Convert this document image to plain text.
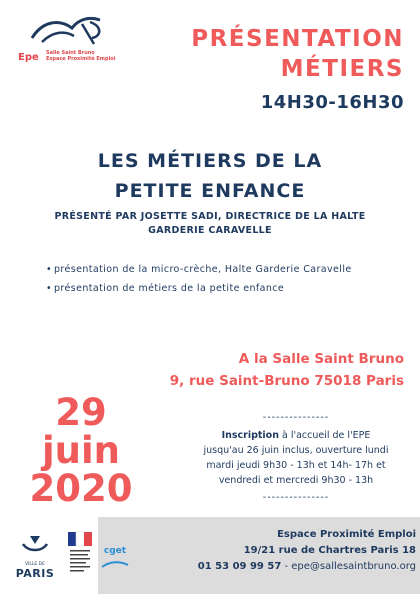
Epe Salle Saint Bruno
Espace Proximité Emploi
PRÉSENTATION
MÉTIERS
14H30-16H30
LES MÉTIERS DE LA
PETITE ENFANCE
PRÉSENTÉ PAR JOSETTE SADI, DIRECTRICE DE LA HALTE
GARDERIE CARAVELLE
• présentation de la micro-crèche, Halte Garderie Caravelle
• présentation de métiers de la petite enfance
A la Salle Saint Bruno
9, rue Saint-Bruno 75018 Paris
29
juin
2020
---------------
Inscription à l'accueil de l'EPE
jusqu'au 26 juin inclus, ouverture lundi
mardi jeudi 9h30 - 13h et 14h- 17h et
vendredi et mercredi 9h30 - 13h
---------------
VILLE DE
PARIS
cget
Espace Proximité Emploi
19/21 rue de Chartres Paris 18
01 53 09 99 57 - epe@sallesaintbruno.org
